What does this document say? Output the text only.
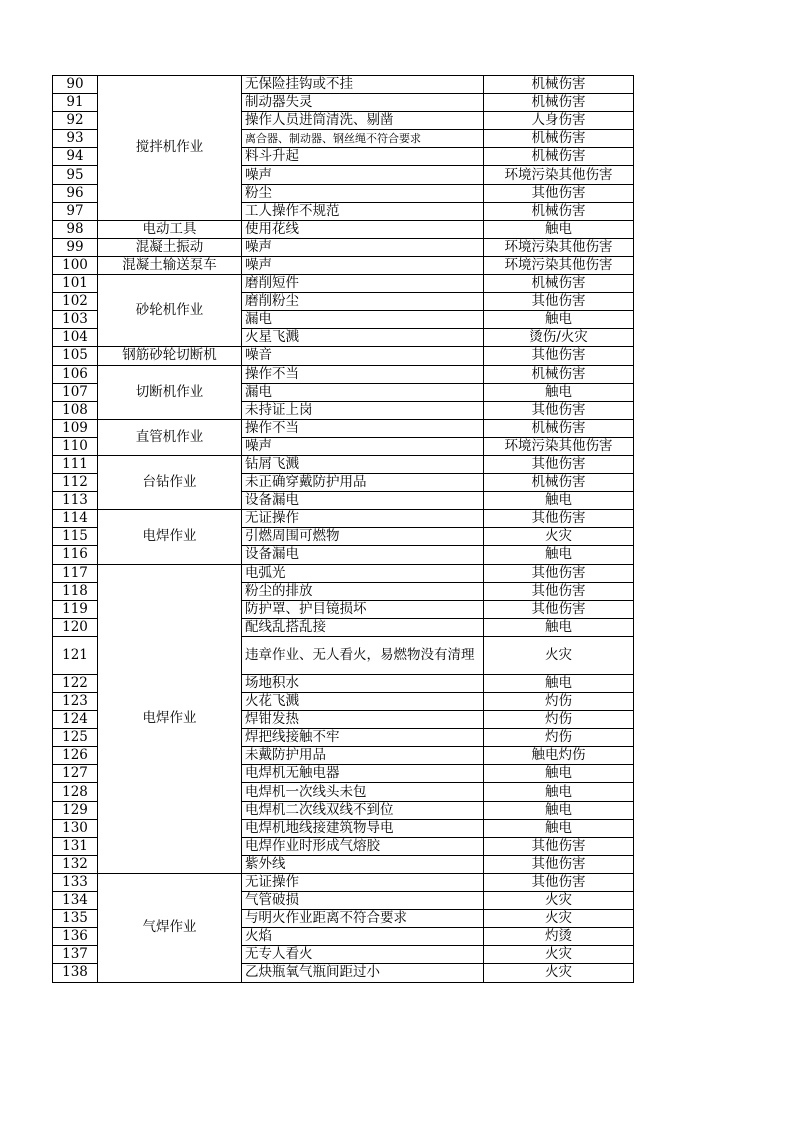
90	搅拌机作业	无保险挂钩或不挂	机械伤害
91		制动器失灵	机械伤害
92		操作人员进筒清洗、剔凿	人身伤害
93		离合器、制动器、钢丝绳不符合要求	机械伤害
94		料斗升起	机械伤害
95		噪声	环境污染其他伤害
96		粉尘	其他伤害
97		工人操作不规范	机械伤害
98	电动工具	使用花线	触电
99	混凝土振动	噪声	环境污染其他伤害
100	混凝土输送泵车	噪声	环境污染其他伤害
101	砂轮机作业	磨削短件	机械伤害
102		磨削粉尘	其他伤害
103		漏电	触电
104		火星飞溅	烫伤/火灾
105	钢筋砂轮切断机	噪音	其他伤害
106	切断机作业	操作不当	机械伤害
107		漏电	触电
108		未持证上岗	其他伤害
109	直管机作业	操作不当	机械伤害
110		噪声	环境污染其他伤害
111	台钻作业	钻屑飞溅	其他伤害
112		未正确穿戴防护用品	机械伤害
113		设备漏电	触电
114	电焊作业	无证操作	其他伤害
115		引燃周围可燃物	火灾
116		设备漏电	触电
117	电焊作业	电弧光	其他伤害
118		粉尘的排放	其他伤害
119		防护罩、护目镜损坏	其他伤害
120		配线乱搭乱接	触电
121		违章作业、无人看火，易燃物没有清理	火灾
122		场地积水	触电
123		火花飞溅	灼伤
124		焊钳发热	灼伤
125		焊把线接触不牢	灼伤
126		未戴防护用品	触电灼伤
127		电焊机无触电器	触电
128		电焊机一次线头未包	触电
129		电焊机二次线双线不到位	触电
130		电焊机地线接建筑物导电	触电
131		电焊作业时形成气熔胶	其他伤害
132		紫外线	其他伤害
133	气焊作业	无证操作	其他伤害
134		气管破损	火灾
135		与明火作业距离不符合要求	火灾
136		火焰	灼烫
137		无专人看火	火灾
138		乙炔瓶氧气瓶间距过小	火灾
